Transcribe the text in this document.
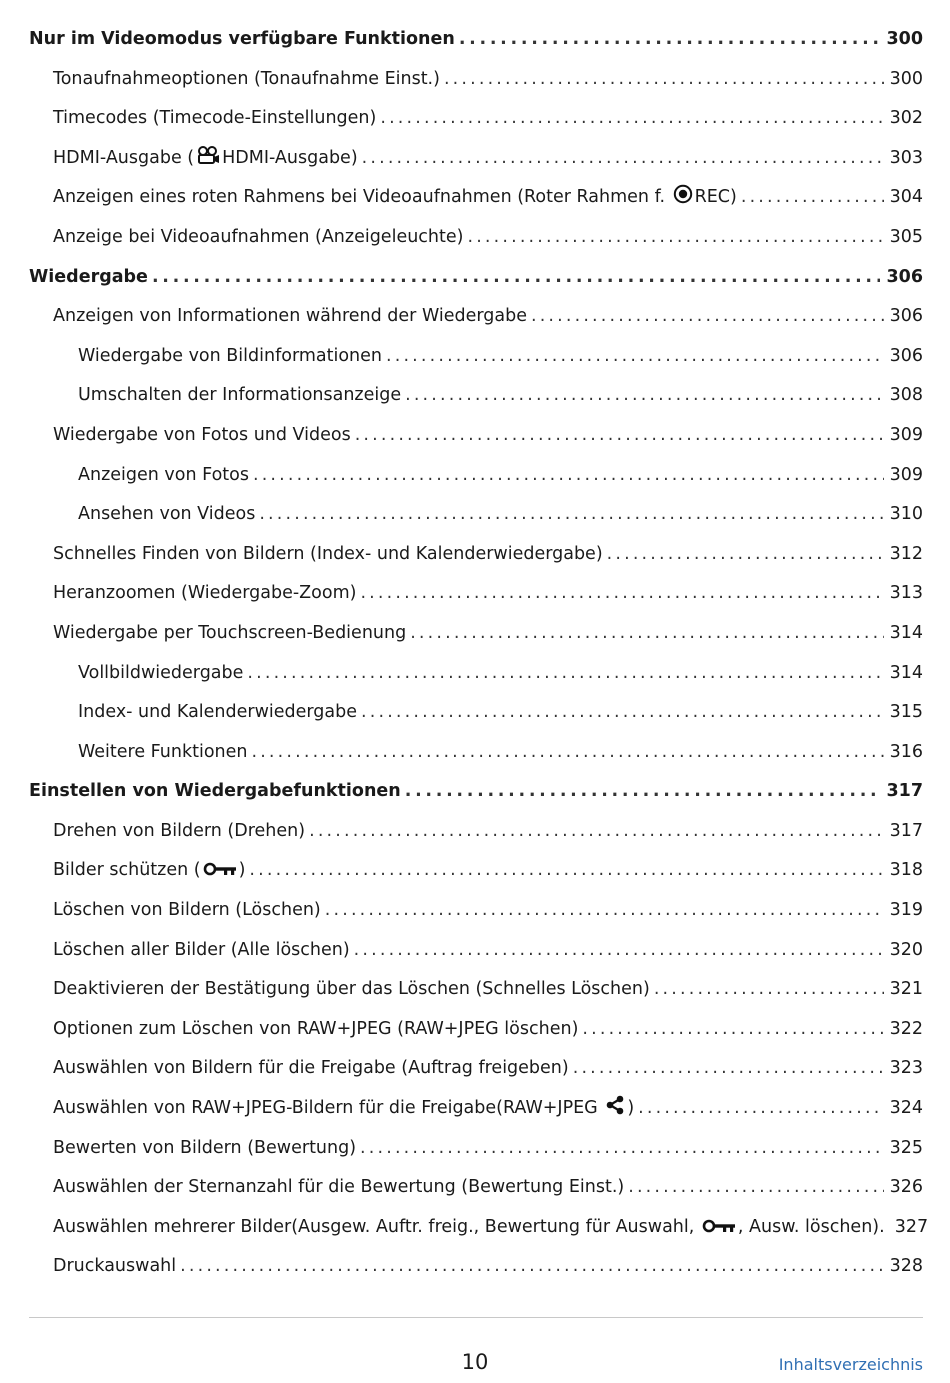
Nur im Videomodus verfügbare Funktionen . . .	300
Tonaufnahmeoptionen (Tonaufnahme Einst.) . . .	300
Timecodes (Timecode-Einstellungen) . . .	302
HDMI-Ausgabe ( HDMI-Ausgabe) . . .	303
Anzeigen eines roten Rahmens bei Videoaufnahmen (Roter Rahmen f. REC) . . .	304
Anzeige bei Videoaufnahmen (Anzeigeleuchte) . . .	305
Wiedergabe . . .	306
Anzeigen von Informationen während der Wiedergabe . . .	306
Wiedergabe von Bildinformationen . . .	306
Umschalten der Informationsanzeige . . .	308
Wiedergabe von Fotos und Videos . . .	309
Anzeigen von Fotos . . .	309
Ansehen von Videos . . .	310
Schnelles Finden von Bildern (Index- und Kalenderwiedergabe) . . .	312
Heranzoomen (Wiedergabe-Zoom) . . .	313
Wiedergabe per Touchscreen-Bedienung . . .	314
Vollbildwiedergabe . . .	314
Index- und Kalenderwiedergabe . . .	315
Weitere Funktionen . . .	316
Einstellen von Wiedergabefunktionen . . .	317
Drehen von Bildern (Drehen) . . .	317
Bilder schützen ( ) . . .	318
Löschen von Bildern (Löschen) . . .	319
Löschen aller Bilder (Alle löschen) . . .	320
Deaktivieren der Bestätigung über das Löschen (Schnelles Löschen) . . .	321
Optionen zum Löschen von RAW+JPEG (RAW+JPEG löschen) . . .	322
Auswählen von Bildern für die Freigabe (Auftrag freigeben) . . .	323
Auswählen von RAW+JPEG-Bildern für die Freigabe(RAW+JPEG ) . . .	324
Bewerten von Bildern (Bewertung) . . .	325
Auswählen der Sternanzahl für die Bewertung (Bewertung Einst.) . . .	326
Auswählen mehrerer Bilder(Ausgew. Auftr. freig., Bewertung für Auswahl, , Ausw. löschen). 327
Druckauswahl . . .	328
10	Inhaltsverzeichnis
